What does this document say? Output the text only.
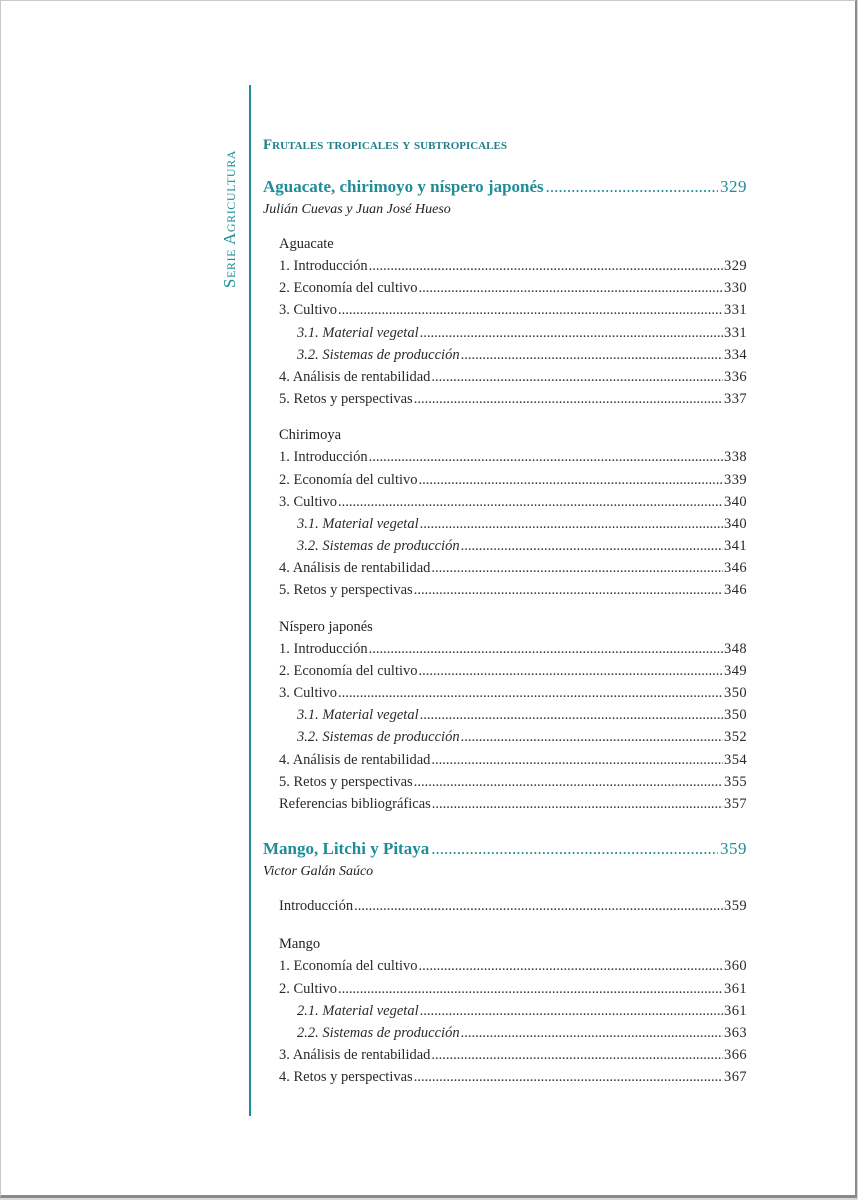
Serie Agricultura
Frutales tropicales y subtropicales
Aguacate, chirimoyo y níspero japonés .....	329
Julián Cuevas y Juan José Hueso
Aguacate
1. Introducción .....	329
2. Economía del cultivo .....	330
3. Cultivo .....	331
3.1. Material vegetal .....	331
3.2. Sistemas de producción .....	334
4. Análisis de rentabilidad .....	336
5. Retos y perspectivas .....	337
Chirimoya
1. Introducción .....	338
2. Economía del cultivo .....	339
3. Cultivo .....	340
3.1. Material vegetal .....	340
3.2. Sistemas de producción .....	341
4. Análisis de rentabilidad .....	346
5. Retos y perspectivas .....	346
Níspero japonés
1. Introducción .....	348
2. Economía del cultivo .....	349
3. Cultivo .....	350
3.1. Material vegetal .....	350
3.2. Sistemas de producción .....	352
4. Análisis de rentabilidad .....	354
5. Retos y perspectivas .....	355
Referencias bibliográficas .....	357
Mango, Litchi y Pitaya .....	359
Victor Galán Saúco
Introducción .....	359
Mango
1. Economía del cultivo .....	360
2. Cultivo .....	361
2.1. Material vegetal .....	361
2.2. Sistemas de producción .....	363
3. Análisis de rentabilidad .....	366
4. Retos y perspectivas .....	367
